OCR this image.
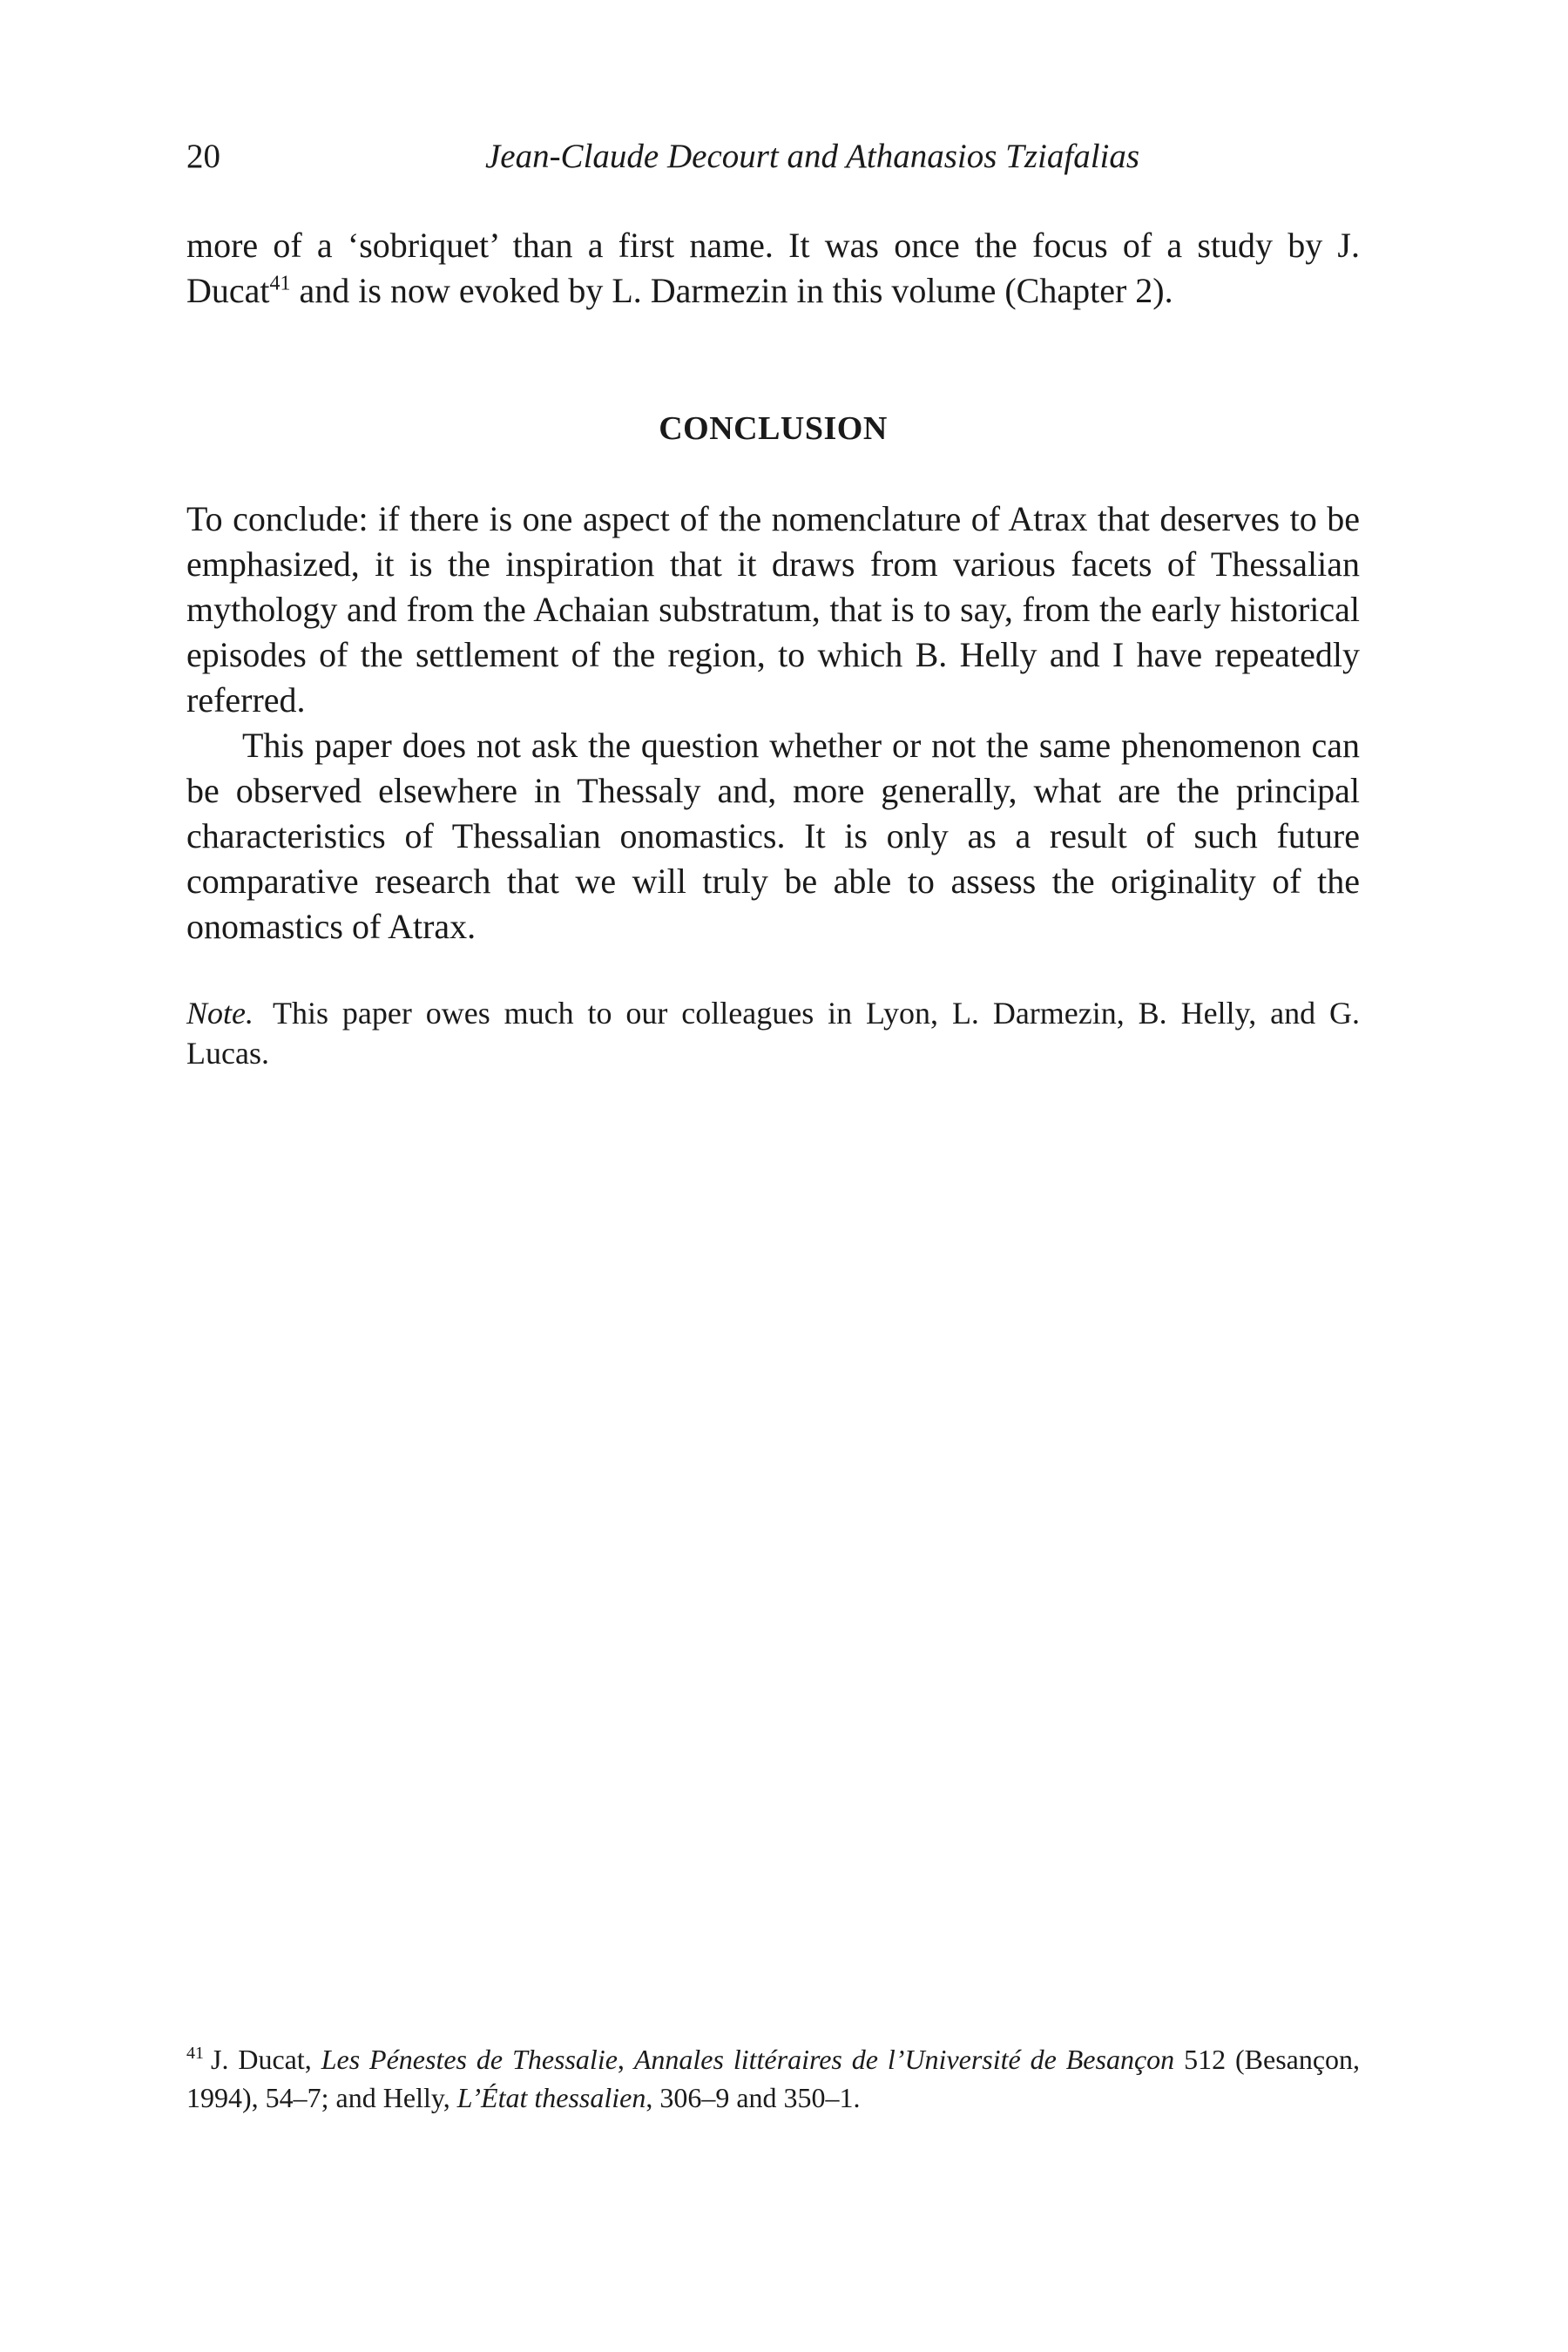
20	Jean-Claude Decourt and Athanasios Tziafalias

more of a ‘sobriquet’ than a first name. It was once the focus of a study by J. Ducat$^{41}$ and is now evoked by L. Darmezin in this volume (Chapter 2).

CONCLUSION

To conclude: if there is one aspect of the nomenclature of Atrax that deserves to be emphasized, it is the inspiration that it draws from various facets of Thessalian mythology and from the Achaian substratum, that is to say, from the early historical episodes of the settlement of the region, to which B. Helly and I have repeatedly referred.

This paper does not ask the question whether or not the same phenomenon can be observed elsewhere in Thessaly and, more generally, what are the principal characteristics of Thessalian onomastics. It is only as a result of such future comparative research that we will truly be able to assess the originality of the onomastics of Atrax.

Note. This paper owes much to our colleagues in Lyon, L. Darmezin, B. Helly, and G. Lucas.

$^{41}$ J. Ducat, Les Pénestes de Thessalie, Annales littéraires de l’Université de Besançon 512 (Besançon, 1994), 54–7; and Helly, L’État thessalien, 306–9 and 350–1.
